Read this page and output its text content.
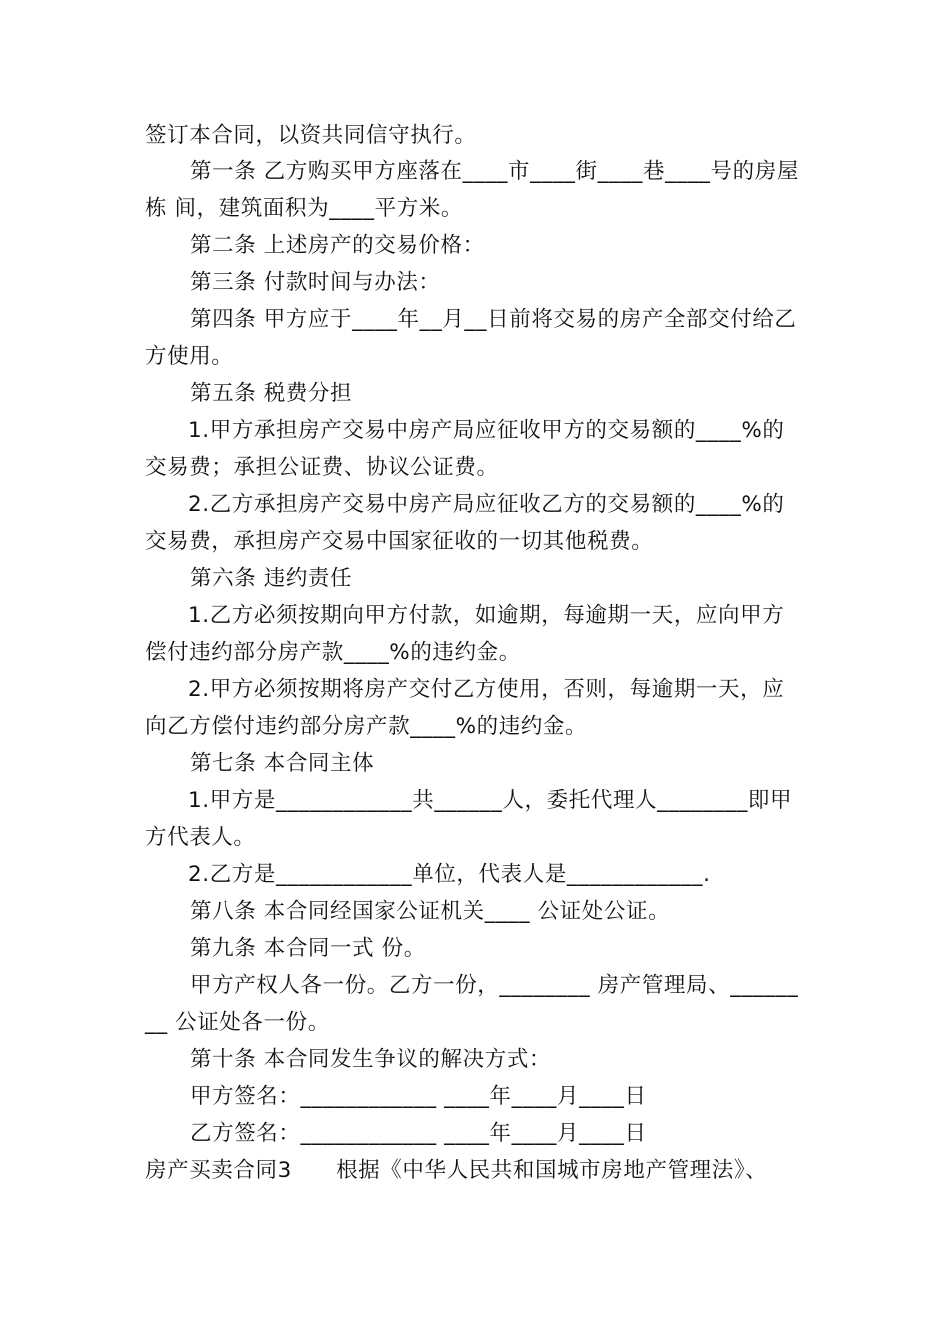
签订本合同，以资共同信守执行。
第一条 乙方购买甲方座落在____市____街____巷____号的房屋
栋 间，建筑面积为____平方米。
第二条 上述房产的交易价格：
第三条 付款时间与办法：
第四条 甲方应于____年__月__日前将交易的房产全部交付给乙
方使用。
第五条 税费分担
1.甲方承担房产交易中房产局应征收甲方的交易额的____%的
交易费；承担公证费、协议公证费。
2.乙方承担房产交易中房产局应征收乙方的交易额的____%的
交易费，承担房产交易中国家征收的一切其他税费。
第六条 违约责任
1.乙方必须按期向甲方付款，如逾期，每逾期一天，应向甲方
偿付违约部分房产款____%的违约金。
2.甲方必须按期将房产交付乙方使用，否则，每逾期一天，应
向乙方偿付违约部分房产款____%的违约金。
第七条 本合同主体
1.甲方是____________共______人，委托代理人________即甲
方代表人。
2.乙方是____________单位，代表人是____________.
第八条 本合同经国家公证机关____ 公证处公证。
第九条 本合同一式 份。
甲方产权人各一份。乙方一份，________ 房产管理局、______
__ 公证处各一份。
第十条 本合同发生争议的解决方式：
甲方签名：____________ ____年____月____日
乙方签名：____________ ____年____月____日
房产买卖合同3　　根据《中华人民共和国城市房地产管理法》、
